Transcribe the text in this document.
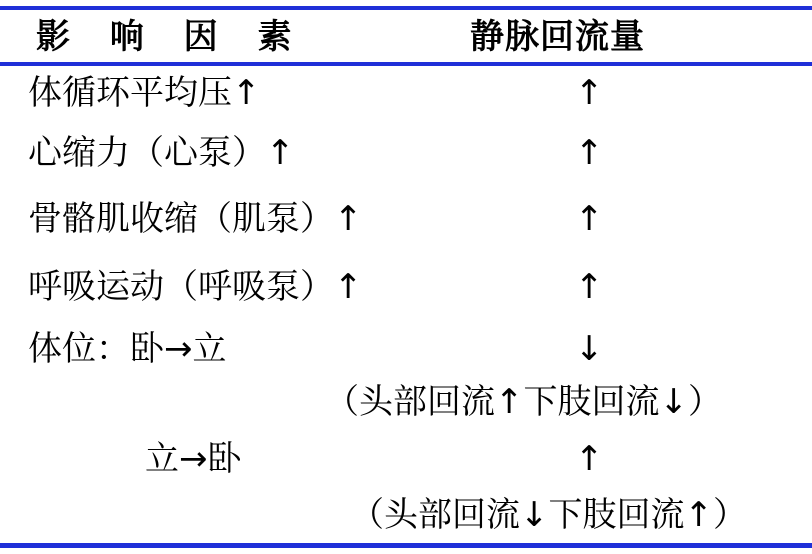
影 响 因 素	静脉回流量
体循环平均压↑	↑
心缩力（心泵）↑	↑
骨骼肌收缩（肌泵）↑	↑
呼吸运动（呼吸泵）↑	↑
体位：卧→立	↓
（头部回流↑下肢回流↓）
立→卧	↑
（头部回流↓下肢回流↑）
